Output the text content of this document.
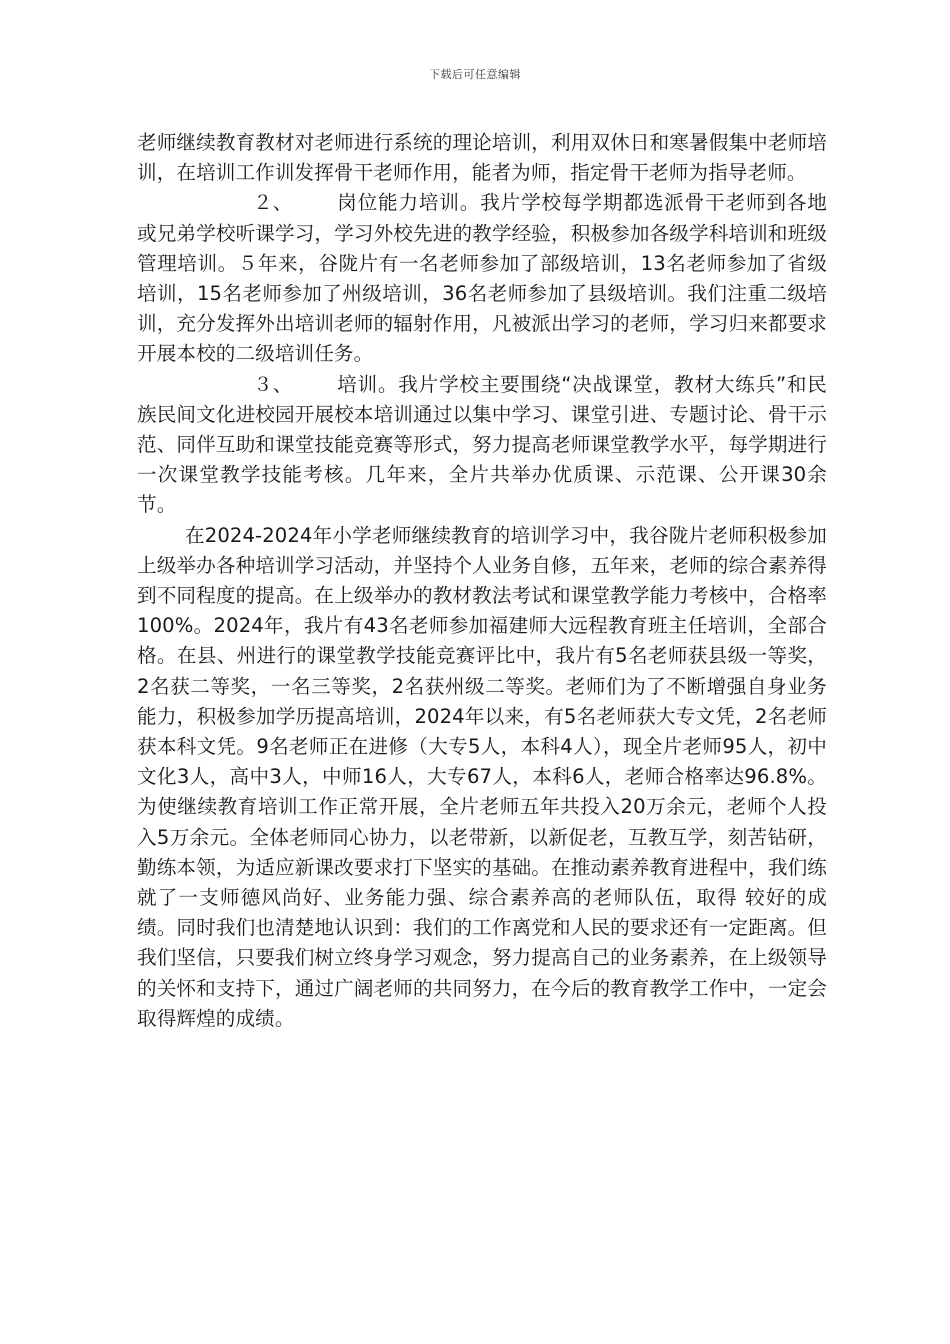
下载后可任意编辑

老师继续教育教材对老师进行系统的理论培训，利用双休日和寒暑假集中老师培训，在培训工作训发挥骨干老师作用，能者为师，指定骨干老师为指导老师。

２、 岗位能力培训。我片学校每学期都选派骨干老师到各地或兄弟学校听课学习，学习外校先进的教学经验，积极参加各级学科培训和班级管理培训。５年来，谷陇片有一名老师参加了部级培训，13名老师参加了省级培训，15名老师参加了州级培训，36名老师参加了县级培训。我们注重二级培训，充分发挥外出培训老师的辐射作用，凡被派出学习的老师，学习归来都要求开展本校的二级培训任务。

３、 培训。我片学校主要围绕“决战课堂，教材大练兵”和民族民间文化进校园开展校本培训通过以集中学习、课堂引进、专题讨论、骨干示范、同伴互助和课堂技能竞赛等形式，努力提高老师课堂教学水平，每学期进行一次课堂教学技能考核。几年来，全片共举办优质课、示范课、公开课30余节。

在2024-2024年小学老师继续教育的培训学习中，我谷陇片老师积极参加上级举办各种培训学习活动，并坚持个人业务自修，五年来，老师的综合素养得到不同程度的提高。在上级举办的教材教法考试和课堂教学能力考核中，合格率100%。2024年，我片有43名老师参加福建师大远程教育班主任培训，全部合格。在县、州进行的课堂教学技能竞赛评比中，我片有5名老师获县级一等奖，2名获二等奖，一名三等奖，2名获州级二等奖。老师们为了不断增强自身业务能力，积极参加学历提高培训，2024年以来，有5名老师获大专文凭，2名老师获本科文凭。9名老师正在进修（大专5人，本科4人），现全片老师95人，初中文化3人，高中3人，中师16人，大专67人，本科6人，老师合格率达96.8%。为使继续教育培训工作正常开展，全片老师五年共投入20万余元，老师个人投入5万余元。全体老师同心协力，以老带新，以新促老，互教互学，刻苦钻研，勤练本领，为适应新课改要求打下坚实的基础。在推动素养教育进程中，我们练就了一支师德风尚好、业务能力强、综合素养高的老师队伍，取得 较好的成绩。同时我们也清楚地认识到：我们的工作离党和人民的要求还有一定距离。但我们坚信，只要我们树立终身学习观念，努力提高自己的业务素养，在上级领导的关怀和支持下，通过广阔老师的共同努力，在今后的教育教学工作中，一定会取得辉煌的成绩。
